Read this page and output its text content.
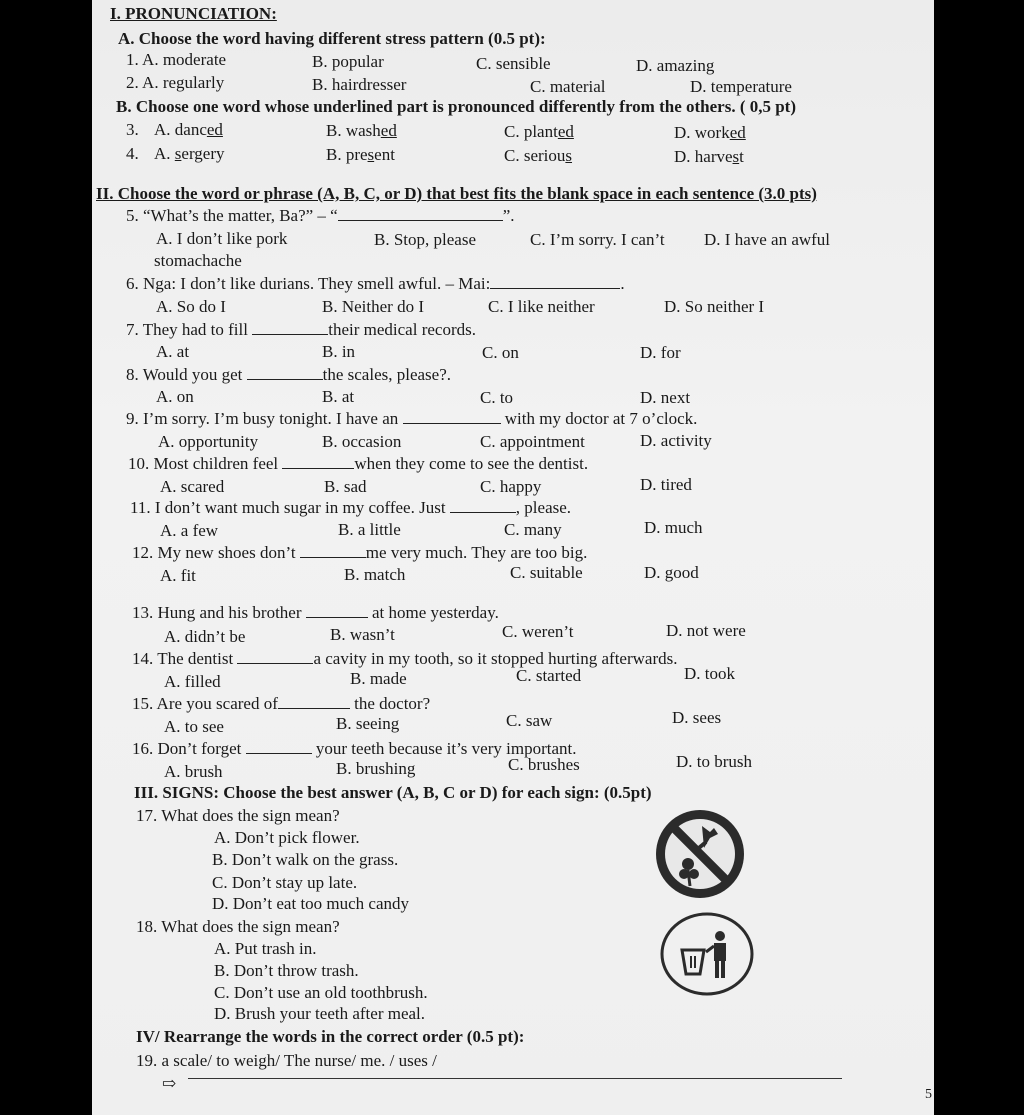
I. PRONUNCIATION:
A. Choose the word having different stress pattern (0.5 pt):
1. A. moderate	B. popular	C. sensible	D. amazing
2. A. regularly	B. hairdresser	C. material	D. temperature
B. Choose one word whose underlined part is pronounced differently from the others. ( 0,5 pt)
3. A. danced	B. washed	C. planted	D. worked
4. A. sergery	B. present	C. serious	D. harvest
II. Choose the word or phrase (A, B, C, or D) that best fits the blank space in each sentence (3.0 pts)
5. “What’s the matter, Ba?” – “	”.
A. I don’t like pork	B. Stop, please	C. I’m sorry. I can’t D. I have an awful
stomachache
6. Nga: I don’t like durians. They smell awful. – Mai:	.
A. So do I	B. Neither do I	C. I like neither	D. So neither I
7. They had to fill	their medical records.
A. at	B. in	C. on	D. for
8. Would you get	the scales, please?.
A. on	B. at	C. to	D. next
9. I’m sorry. I’m busy tonight. I have an	with my doctor at 7 o’clock.
A. opportunity	B. occasion	C. appointment	D. activity
10. Most children feel	when they come to see the dentist.
A. scared	B. sad	C. happy	D. tired
11. I don’t want much sugar in my coffee. Just	, please.
A. a few	B. a little	C. many	D. much
12. My new shoes don’t	me very much. They are too big.
A. fit	B. match	C. suitable	D. good
13. Hung and his brother	at home yesterday.
A. didn’t be	B. wasn’t	C. weren’t	D. not were
14. The dentist	a cavity in my tooth, so it stopped hurting afterwards.
A. filled	B. made	C. started	D. took
15. Are you scared of	the doctor?
A. to see	B. seeing	C. saw	D. sees
16. Don’t forget	your teeth because it’s very important.
A. brush	B. brushing	C. brushes	D. to brush
III. SIGNS: Choose the best answer (A, B, C or D) for each sign: (0.5pt)
17. What does the sign mean?
A. Don’t pick flower.
B. Don’t walk on the grass.
C. Don’t stay up late.
D. Don’t eat too much candy
18. What does the sign mean?
A. Put trash in.
B. Don’t throw trash.
C. Don’t use an old toothbrush.
D. Brush your teeth after meal.
IV/ Rearrange the words in the correct order (0.5 pt):
19. a scale/ to weigh/ The nurse/ me. / uses /
⇨
5
